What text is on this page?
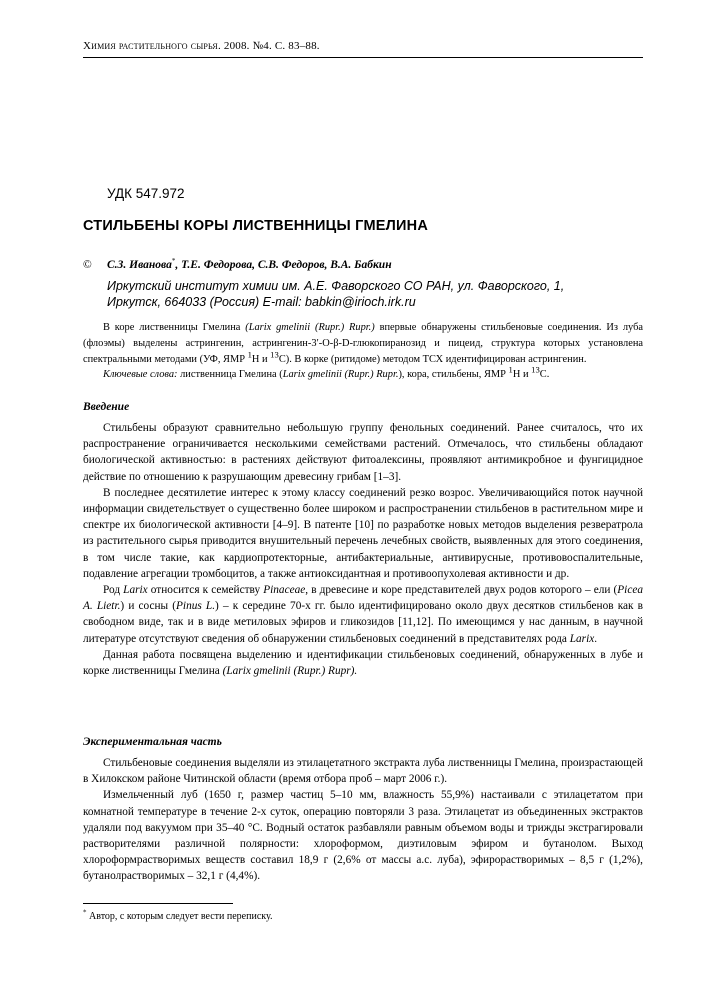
Химия растительного сырья. 2008. №4. С. 83–88.
УДК 547.972
СТИЛЬБЕНЫ КОРЫ ЛИСТВЕННИЦЫ ГМЕЛИНА
© С.З. Иванова*, Т.Е. Федорова, С.В. Федоров, В.А. Бабкин
Иркутский институт химии им. А.Е. Фаворского СО РАН, ул. Фаворского, 1,
Иркутск, 664033 (Россия) E-mail: babkin@irioch.irk.ru

В коре лиственницы Гмелина (Larix gmelinii (Rupr.) Rupr.) впервые обнаружены стильбеновые соединения. Из луба (флоэмы) выделены астрингенин, астрингенин-3′-О-β-D-глюкопиранозид и пицеид, структура которых установлена спектральными методами (УФ, ЯМР $^1$Н и $^{13}$С). В корке (ритидоме) методом ТСХ идентифицирован астрингенин.

Ключевые слова: лиственница Гмелина (Larix gmelinii (Rupr.) Rupr.), кора, стильбены, ЯМР $^1$Н и $^{13}$С.

Введение

Стильбены образуют сравнительно небольшую группу фенольных соединений. Ранее считалось, что их распространение ограничивается несколькими семействами растений. Отмечалось, что стильбены обладают биологической активностью: в растениях действуют фитоалексины, проявляют антимикробное и фунгицидное действие по отношению к разрушающим древесину грибам [1–3].

В последнее десятилетие интерес к этому классу соединений резко возрос. Увеличивающийся поток научной информации свидетельствует о существенно более широком и распространении стильбенов в растительном мире и спектре их биологической активности [4–9]. В патенте [10] по разработке новых методов выделения резвератрола из растительного сырья приводится внушительный перечень лечебных свойств, выявленных для этого соединения, в том числе такие, как кардиопротекторные, антибактериальные, антивирусные, противовоспалительные, подавление агрегации тромбоцитов, а также антиоксидантная и противоопухолевая активности и др.

Род Larix относится к семейству Pinaceae, в древесине и коре представителей двух родов которого – ели (Picea A. Lietr.) и сосны (Pinus L.) – к середине 70-х гг. было идентифицировано около двух десятков стильбенов как в свободном виде, так и в виде метиловых эфиров и гликозидов [11,12]. По имеющимся у нас данным, в научной литературе отсутствуют сведения об обнаружении стильбеновых соединений в представителях рода Larix.

Данная работа посвящена выделению и идентификации стильбеновых соединений, обнаруженных в лубе и корке лиственницы Гмелина (Larix gmelinii (Rupr.) Rupr).

Экспериментальная часть

Стильбеновые соединения выделяли из этилацетатного экстракта луба лиственницы Гмелина, произрастающей в Хилокском районе Читинской области (время отбора проб – март 2006 г.).

Измельченный луб (1650 г, размер частиц 5–10 мм, влажность 55,9%) настаивали с этилацетатом при комнатной температуре в течение 2-х суток, операцию повторяли 3 раза. Этилацетат из объединенных экстрактов удаляли под вакуумом при 35–40 °С. Водный остаток разбавляли равным объемом воды и трижды экстрагировали растворителями различной полярности: хлороформом, диэтиловым эфиром и бутанолом. Выход хлороформрастворимых веществ составил 18,9 г (2,6% от массы а.с. луба), эфирорастворимых – 8,5 г (1,2%), бутанолрастворимых – 32,1 г (4,4%).

* Автор, с которым следует вести переписку.
